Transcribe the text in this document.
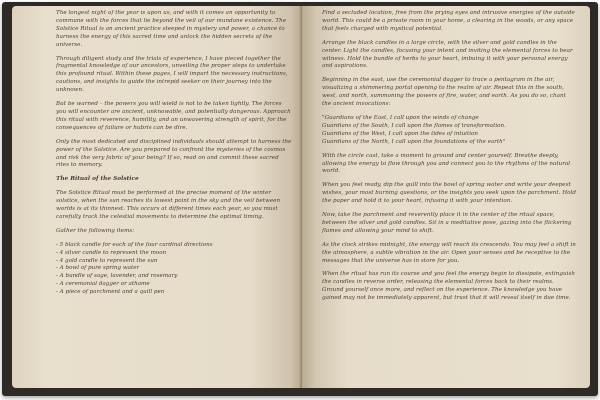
The longest night of the year is upon us, and with it comes an opportunity to commune with the forces that lie beyond the veil of our mundane existence. The Solstice Ritual is an ancient practice steeped in mystery and power, a chance to harness the energy of this sacred time and unlock the hidden secrets of the universe.

Through diligent study and the trials of experience, I have pieced together the fragmental knowledge of our ancestors, unveiling the proper steps to undertake this profound ritual. Within these pages, I will impart the necessary instructions, cautions, and insights to guide the intrepid seeker on their journey into the unknown.

But be warned – the powers you will wield is not to be taken lightly. The forces you will encounter are ancient, unknowable, and potentially dangerous. Approach this ritual with reverence, humility, and an unwavering strength of spirit, for the consequences of failure or hubris can be dire.

Only the most dedicated and disciplined individuals should attempt to harness the power of the Solstice. Are you prepared to confront the mysteries of the cosmos and risk the very fabric of your being? If so, read on and commit these sacred rites to memory.

The Ritual of the Solstice

The Solstice Ritual must be performed at the precise moment of the winter solstice, when the sun reaches its lowest point in the sky and the veil between worlds is at its thinnest. This occurs at different times each year, so you must carefully track the celestial movements to determine the optimal timing.

Gather the following items:

- 5 black candle for each of the four cardinal directions
- 4 silver candle to represent the moon
- 4 gold candle to represent the sun
- A bowl of pure spring water
- A bundle of sage, lavender, and rosemary
- A ceremonial dagger or athame
- A piece of parchment and a quill pen

Find a secluded location, free from the prying eyes and intrusive energies of the outside world. This could be a private room in your home, a clearing in the woods, or any space that feels charged with mystical potential.

Arrange the black candles in a large circle, with the silver and gold candles in the center. Light the candles, focusing your intent and inviting the elemental forces to bear witness. Hold the bundle of herbs to your heart, imbuing it with your personal energy and aspirations.

Beginning in the east, use the ceremonial dagger to trace a pentagram in the air, visualizing a shimmering portal opening to the realm of air. Repeat this in the south, west, and north, summoning the powers of fire, water, and earth. As you do so, chant the ancient invocations:

"Guardians of the East, I call upon the winds of change
Guardians of the South, I call upon the flames of transformation.
Guardians of the West, I call upon the tides of intuition
Guardians of the North, I call upon the foundations of the earth"

With the circle cast, take a moment to ground and center yourself. Breathe deeply, allowing the energy to flow through you and connect you to the rhythms of the natural world.

When you feel ready, dip the quill into the bowl of spring water and write your deepest wishes, your most burning questions, or the insights you seek upon the parchment. Hold the paper and hold it to your heart, infusing it with your intention.

Now, take the parchment and reverently place it in the center of the ritual space, between the silver and gold candles. Sit in a meditative pose, gazing into the flickering flames and allowing your mind to shift.

As the clock strikes midnight, the energy will reach its crescendo. You may feel a shift in the atmosphere, a subtle vibration in the air. Open your senses and be receptive to the messages that the universe has in store for you.

When the ritual has run its course and you feel the energy begin to dissipate, extinguish the candles in reverse order, releasing the elemental forces back to their realms. Ground yourself once more, and reflect on the experience. The knowledge you have gained may not be immediately apparent, but trust that it will reveal itself in due time.
